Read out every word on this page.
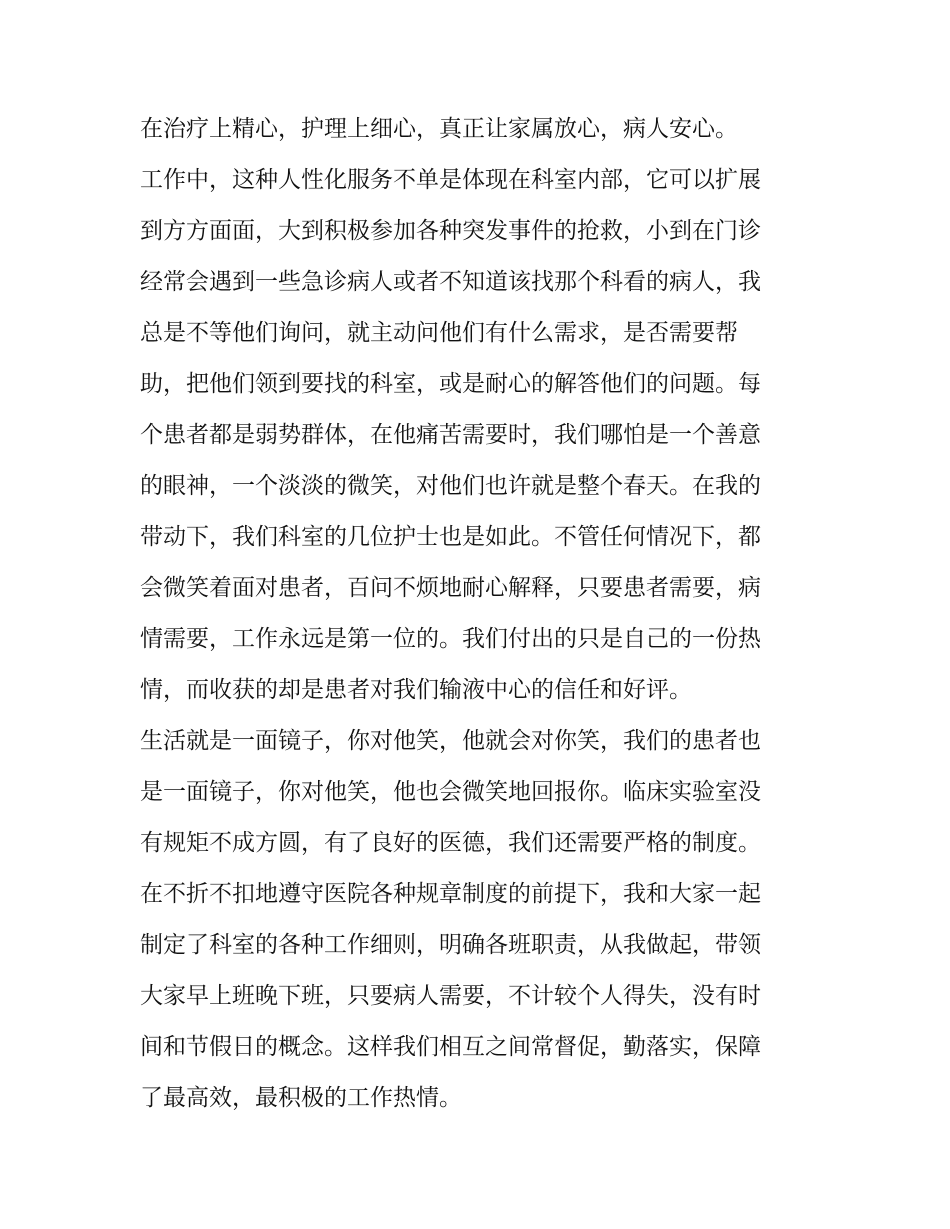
在治疗上精心，护理上细心，真正让家属放心，病人安心。
工作中，这种人性化服务不单是体现在科室内部，它可以扩展
到方方面面，大到积极参加各种突发事件的抢救，小到在门诊
经常会遇到一些急诊病人或者不知道该找那个科看的病人，我
总是不等他们询问，就主动问他们有什么需求，是否需要帮
助，把他们领到要找的科室，或是耐心的解答他们的问题。每
个患者都是弱势群体，在他痛苦需要时，我们哪怕是一个善意
的眼神，一个淡淡的微笑，对他们也许就是整个春天。在我的
带动下，我们科室的几位护士也是如此。不管任何情况下，都
会微笑着面对患者，百问不烦地耐心解释，只要患者需要，病
情需要，工作永远是第一位的。我们付出的只是自己的一份热
情，而收获的却是患者对我们输液中心的信任和好评。
生活就是一面镜子，你对他笑，他就会对你笑，我们的患者也
是一面镜子，你对他笑，他也会微笑地回报你。临床实验室没
有规矩不成方圆，有了良好的医德，我们还需要严格的制度。
在不折不扣地遵守医院各种规章制度的前提下，我和大家一起
制定了科室的各种工作细则，明确各班职责，从我做起，带领
大家早上班晚下班，只要病人需要，不计较个人得失，没有时
间和节假日的概念。这样我们相互之间常督促，勤落实，保障
了最高效，最积极的工作热情。
